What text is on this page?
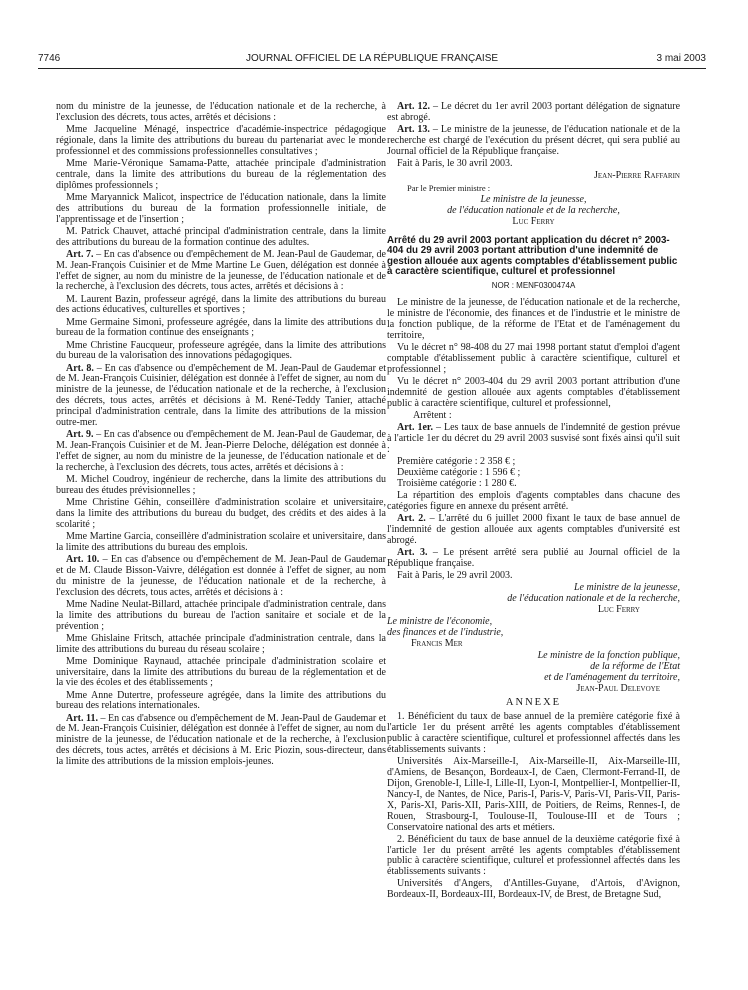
7746	JOURNAL OFFICIEL DE LA RÉPUBLIQUE FRANÇAISE	3 mai 2003

nom du ministre de la jeunesse, de l'éducation nationale et de la recherche, à l'exclusion des décrets, tous actes, arrêtés et décisions :

Mme Jacqueline Ménagé, inspectrice d'académie-inspectrice pédagogique régionale, dans la limite des attributions du bureau du partenariat avec le monde professionnel et des commissions professionnelles consultatives ;

Mme Marie-Véronique Samama-Patte, attachée principale d'administration centrale, dans la limite des attributions du bureau de la réglementation des diplômes professionnels ;

Mme Maryannick Malicot, inspectrice de l'éducation nationale, dans la limite des attributions du bureau de la formation professionnelle initiale, de l'apprentissage et de l'insertion ;

M. Patrick Chauvet, attaché principal d'administration centrale, dans la limite des attributions du bureau de la formation continue des adultes.

Art. 7. – En cas d'absence ou d'empêchement de M. Jean-Paul de Gaudemar, de M. Jean-François Cuisinier et de Mme Martine Le Guen, délégation est donnée à l'effet de signer, au nom du ministre de la jeunesse, de l'éducation nationale et de la recherche, à l'exclusion des décrets, tous actes, arrêtés et décisions à :

M. Laurent Bazin, professeur agrégé, dans la limite des attributions du bureau des actions éducatives, culturelles et sportives ;

Mme Germaine Simoni, professeure agrégée, dans la limite des attributions du bureau de la formation continue des enseignants ;

Mme Christine Faucqueur, professeure agrégée, dans la limite des attributions du bureau de la valorisation des innovations pédagogiques.

Art. 8. – En cas d'absence ou d'empêchement de M. Jean-Paul de Gaudemar et de M. Jean-François Cuisinier, délégation est donnée à l'effet de signer, au nom du ministre de la jeunesse, de l'éducation nationale et de la recherche, à l'exclusion des décrets, tous actes, arrêtés et décisions à M. René-Teddy Tanier, attaché principal d'administration centrale, dans la limite des attributions de la mission outre-mer.

Art. 9. – En cas d'absence ou d'empêchement de M. Jean-Paul de Gaudemar, de M. Jean-François Cuisinier et de M. Jean-Pierre Deloche, délégation est donnée à l'effet de signer, au nom du ministre de la jeunesse, de l'éducation nationale et de la recherche, à l'exclusion des décrets, tous actes, arrêtés et décisions à :

M. Michel Coudroy, ingénieur de recherche, dans la limite des attributions du bureau des études prévisionnelles ;

Mme Christine Géhin, conseillère d'administration scolaire et universitaire, dans la limite des attributions du bureau du budget, des crédits et des aides à la scolarité ;

Mme Martine Garcia, conseillère d'administration scolaire et universitaire, dans la limite des attributions du bureau des emplois.

Art. 10. – En cas d'absence ou d'empêchement de M. Jean-Paul de Gaudemar et de M. Claude Bisson-Vaivre, délégation est donnée à l'effet de signer, au nom du ministre de la jeunesse, de l'éducation nationale et de la recherche, à l'exclusion des décrets, tous actes, arrêtés et décisions à :

Mme Nadine Neulat-Billard, attachée principale d'administration centrale, dans la limite des attributions du bureau de l'action sanitaire et sociale et de la prévention ;

Mme Ghislaine Fritsch, attachée principale d'administration centrale, dans la limite des attributions du bureau du réseau scolaire ;

Mme Dominique Raynaud, attachée principale d'administration scolaire et universitaire, dans la limite des attributions du bureau de la réglementation et de la vie des écoles et des établissements ;

Mme Anne Dutertre, professeure agrégée, dans la limite des attributions du bureau des relations internationales.

Art. 11. – En cas d'absence ou d'empêchement de M. Jean-Paul de Gaudemar et de M. Jean-François Cuisinier, délégation est donnée à l'effet de signer, au nom du ministre de la jeunesse, de l'éducation nationale et de la recherche, à l'exclusion des décrets, tous actes, arrêtés et décisions à M. Eric Piozin, sous-directeur, dans la limite des attributions de la mission emplois-jeunes.

Art. 12. – Le décret du 1er avril 2003 portant délégation de signature est abrogé.

Art. 13. – Le ministre de la jeunesse, de l'éducation nationale et de la recherche est chargé de l'exécution du présent décret, qui sera publié au Journal officiel de la République française.

Fait à Paris, le 30 avril 2003.

Jean-Pierre Raffarin

Par le Premier ministre :

Le ministre de la jeunesse,

de l'éducation nationale et de la recherche,

Luc Ferry

Arrêté du 29 avril 2003 portant application du décret n° 2003-404 du 29 avril 2003 portant attribution d'une indemnité de gestion allouée aux agents comptables d'établissement public à caractère scientifique, culturel et professionnel
NOR : MENF0300474A

Le ministre de la jeunesse, de l'éducation nationale et de la recherche, le ministre de l'économie, des finances et de l'industrie et le ministre de la fonction publique, de la réforme de l'Etat et de l'aménagement du territoire,

Vu le décret n° 98-408 du 27 mai 1998 portant statut d'emploi d'agent comptable d'établissement public à caractère scientifique, culturel et professionnel ;

Vu le décret n° 2003-404 du 29 avril 2003 portant attribution d'une indemnité de gestion allouée aux agents comptables d'établissement public à caractère scientifique, culturel et professionnel,

Arrêtent :

Art. 1er. – Les taux de base annuels de l'indemnité de gestion prévue à l'article 1er du décret du 29 avril 2003 susvisé sont fixés ainsi qu'il suit :

Première catégorie : 2 358 € ;

Deuxième catégorie : 1 596 € ;

Troisième catégorie : 1 280 €.

La répartition des emplois d'agents comptables dans chacune des catégories figure en annexe du présent arrêté.

Art. 2. – L'arrêté du 6 juillet 2000 fixant le taux de base annuel de l'indemnité de gestion allouée aux agents comptables d'université est abrogé.

Art. 3. – Le présent arrêté sera publié au Journal officiel de la République française.

Fait à Paris, le 29 avril 2003.

Le ministre de la jeunesse,

de l'éducation nationale et de la recherche,

Luc Ferry

Le ministre de l'économie,

des finances et de l'industrie,

Francis Mer

Le ministre de la fonction publique,

de la réforme de l'Etat

et de l'aménagement du territoire,

Jean-Paul Delevoye

ANNEXE

1. Bénéficient du taux de base annuel de la première catégorie fixé à l'article 1er du présent arrêté les agents comptables d'établissement public à caractère scientifique, culturel et professionnel affectés dans les établissements suivants :

Universités Aix-Marseille-I, Aix-Marseille-II, Aix-Marseille-III, d'Amiens, de Besançon, Bordeaux-I, de Caen, Clermont-Ferrand-II, de Dijon, Grenoble-I, Lille-I, Lille-II, Lyon-I, Montpellier-I, Montpellier-II, Nancy-I, de Nantes, de Nice, Paris-I, Paris-V, Paris-VI, Paris-VII, Paris-X, Paris-XI, Paris-XII, Paris-XIII, de Poitiers, de Reims, Rennes-I, de Rouen, Strasbourg-I, Toulouse-II, Toulouse-III et de Tours ; Conservatoire national des arts et métiers.

2. Bénéficient du taux de base annuel de la deuxième catégorie fixé à l'article 1er du présent arrêté les agents comptables d'établissement public à caractère scientifique, culturel et professionnel affectés dans les établissements suivants :

Universités d'Angers, d'Antilles-Guyane, d'Artois, d'Avignon, Bordeaux-II, Bordeaux-III, Bordeaux-IV, de Brest, de Bretagne Sud,
